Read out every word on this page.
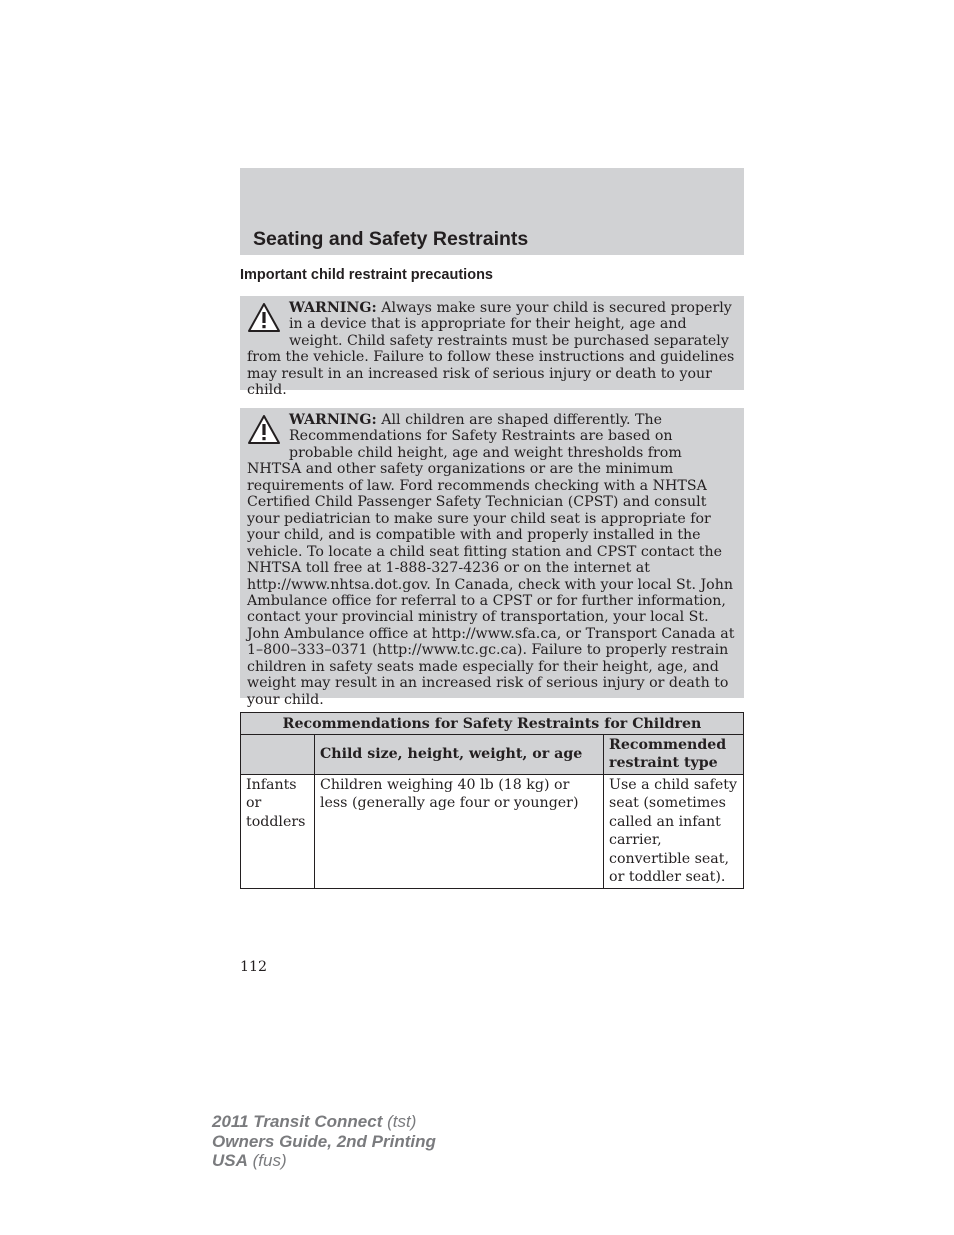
Seating and Safety Restraints
Important child restraint precautions
WARNING: Always make sure your child is secured properly in a device that is appropriate for their height, age and weight. Child safety restraints must be purchased separately from the vehicle. Failure to follow these instructions and guidelines may result in an increased risk of serious injury or death to your child.
WARNING: All children are shaped differently. The Recommendations for Safety Restraints are based on probable child height, age and weight thresholds from NHTSA and other safety organizations or are the minimum requirements of law. Ford recommends checking with a NHTSA Certified Child Passenger Safety Technician (CPST) and consult your pediatrician to make sure your child seat is appropriate for your child, and is compatible with and properly installed in the vehicle. To locate a child seat fitting station and CPST contact the NHTSA toll free at 1-888-327-4236 or on the internet at http://www.nhtsa.dot.gov. In Canada, check with your local St. John Ambulance office for referral to a CPST or for further information, contact your provincial ministry of transportation, your local St. John Ambulance office at http://www.sfa.ca, or Transport Canada at 1–800–333–0371 (http://www.tc.gc.ca). Failure to properly restrain children in safety seats made especially for their height, age, and weight may result in an increased risk of serious injury or death to your child.
Recommendations for Safety Restraints for Children		
	Child size, height, weight, or age	Recommended restraint type
Infants or toddlers	Children weighing 40 lb (18 kg) or less (generally age four or younger)	Use a child safety seat (sometimes called an infant carrier, convertible seat, or toddler seat).
112
2011 Transit Connect (tst)
Owners Guide, 2nd Printing
USA (fus)
